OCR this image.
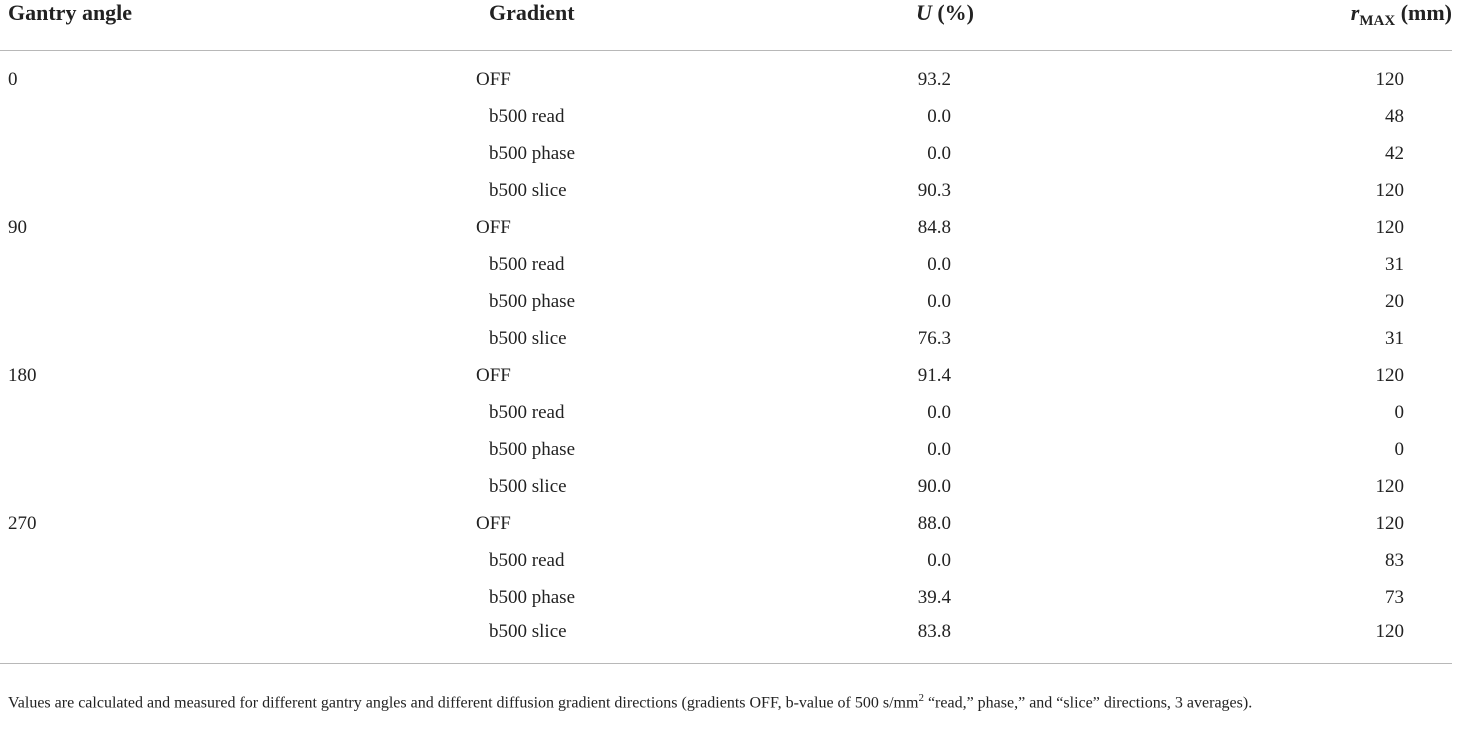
Gantry angle	Gradient	U (%)	$r_{MAX}$ (mm)
0	OFF	93.2	120
	b500 read	0.0	48
	b500 phase	0.0	42
	b500 slice	90.3	120
90	OFF	84.8	120
	b500 read	0.0	31
	b500 phase	0.0	20
	b500 slice	76.3	31
180	OFF	91.4	120
	b500 read	0.0	0
	b500 phase	0.0	0
	b500 slice	90.0	120
270	OFF	88.0	120
	b500 read	0.0	83
	b500 phase	39.4	73
	b500 slice	83.8	120
Values are calculated and measured for different gantry angles and different diffusion gradient directions (gradients OFF, b-value of 500 $s/mm^2$ “read,” phase,” and “slice” directions, 3 averages).
